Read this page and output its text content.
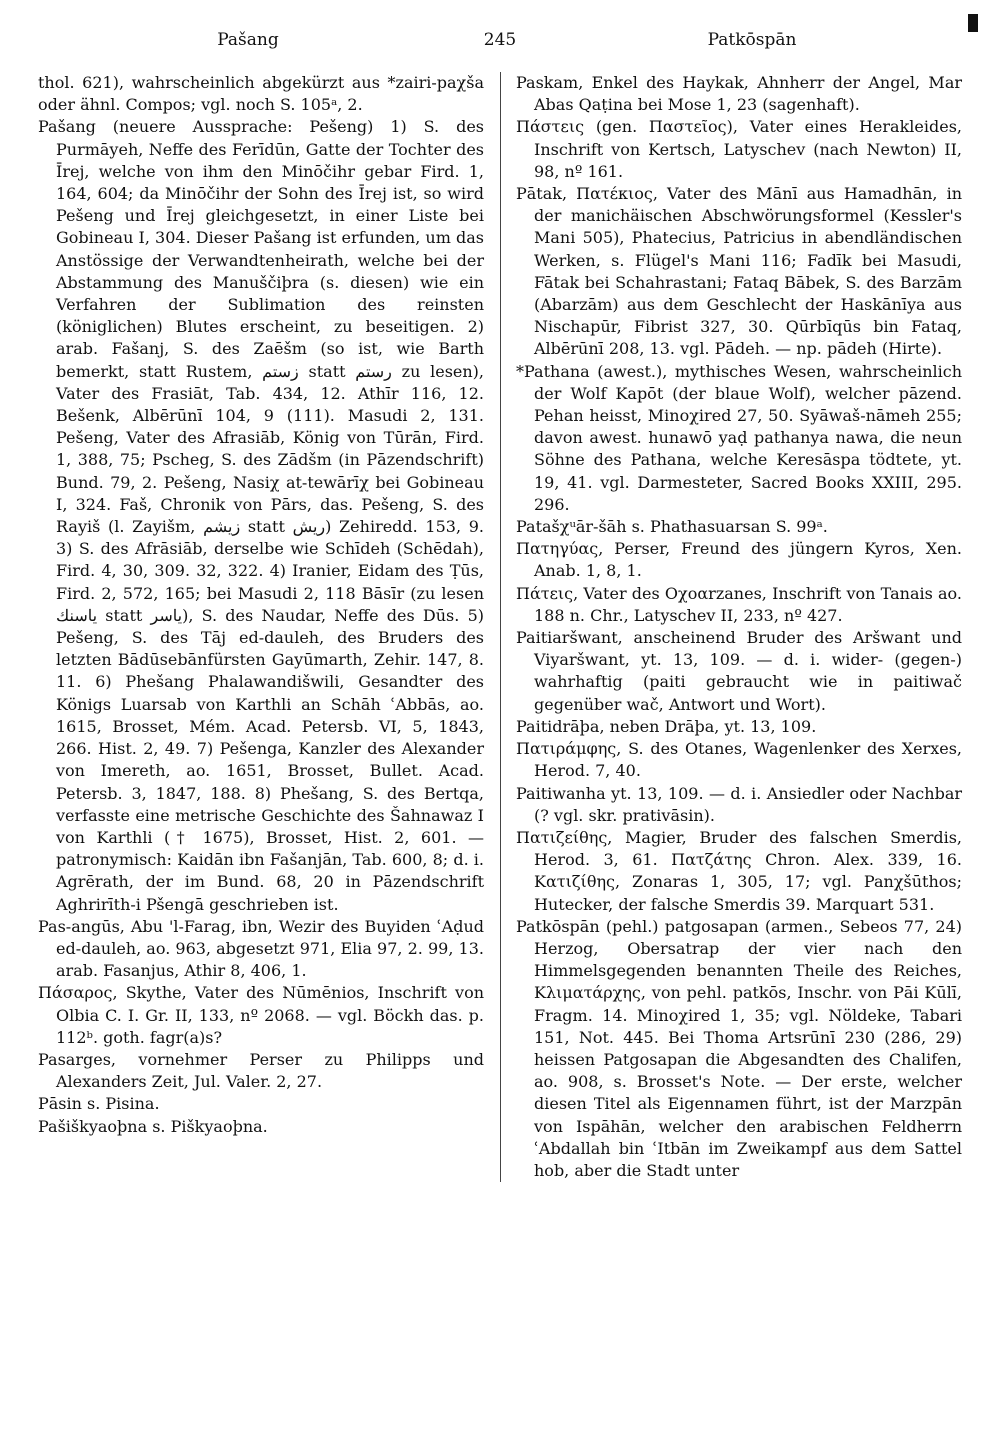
Pašang	245	Patkōspān

thol. 621), wahrscheinlich abgekürzt aus *zairi-paχša oder ähnl. Compos; vgl. noch S. 105ᵃ, 2.

Pašang (neuere Aussprache: Pešeng) 1) S. des Purmāyeh, Neffe des Ferīdūn, Gatte der Tochter des Īrej, welche von ihm den Minōčihr gebar Fird. 1, 164, 604; da Minōčihr der Sohn des Īrej ist, so wird Pešeng und Īrej gleichgesetzt, in einer Liste bei Gobineau I, 304. Dieser Pašang ist erfunden, um das Anstössige der Verwandtenheirath, welche bei der Abstammung des Manuščiþra (s. diesen) wie ein Verfahren der Sublimation des reinsten (königlichen) Blutes erscheint, zu beseitigen. 2) arab. Fašanj, S. des Zaēšm (so ist, wie Barth bemerkt, statt Rustem, زستم statt رستم zu lesen), Vater des Frasiāt, Tab. 434, 12. Athīr 116, 12. Bešenk, Albērūnī 104, 9 (111). Masudi 2, 131. Pešeng, Vater des Afrasiāb, König von Tūrān, Fird. 1, 388, 75; Pscheg, S. des Zādšm (in Pāzendschrift) Bund. 79, 2. Pešeng, Nasiχ at-tewārīχ bei Gobineau I, 324. Faš, Chronik von Pārs, das. Pešeng, S. des Rayiš (l. Zayišm, زيشم statt ريش) Zehiredd. 153, 9. 3) S. des Afrāsiāb, derselbe wie Schīdeh (Schēdah), Fird. 4, 30, 309. 32, 322. 4) Iranier, Eidam des Ṭūs, Fird. 2, 572, 165; bei Masudi 2, 118 Bāsīr (zu lesen ياسنك statt ياسر), S. des Naudar, Neffe des Dūs. 5) Pešeng, S. des Tāj ed-dauleh, des Bruders des letzten Bādūsebānfürsten Gayūmarth, Zehir. 147, 8. 11. 6) Phešang Phalawandišwili, Gesandter des Königs Luarsab von Karthli an Schāh ʿAbbās, ao. 1615, Brosset, Mém. Acad. Petersb. VI, 5, 1843, 266. Hist. 2, 49. 7) Pešenga, Kanzler des Alexander von Imereth, ao. 1651, Brosset, Bullet. Acad. Petersb. 3, 1847, 188. 8) Phešang, S. des Bertqa, verfasste eine metrische Geschichte des Šahnawaz I von Karthli († 1675), Brosset, Hist. 2, 601. — patronymisch: Kaidān ibn Fašanjān, Tab. 600, 8; d. i. Agrērath, der im Bund. 68, 20 in Pāzendschrift Aghrirīth-i Pšengā geschrieben ist.

Pas-angūs, Abu 'l-Farag, ibn, Wezir des Buyiden ʿAḍud ed-dauleh, ao. 963, abgesetzt 971, Elia 97, 2. 99, 13. arab. Fasanjus, Athir 8, 406, 1.

Πάσαρος, Skythe, Vater des Nūmēnios, Inschrift von Olbia C. I. Gr. II, 133, nº 2068. — vgl. Böckh das. p. 112ᵇ. goth. fagr(a)s?

Pasarges, vornehmer Perser zu Philipps und Alexanders Zeit, Jul. Valer. 2, 27.

Pāsin s. Pisina.

Pašiškyaoþna s. Piškyaoþna.

Paskam, Enkel des Haykak, Ahnherr der Angel, Mar Abas Qaṭina bei Mose 1, 23 (sagenhaft).

Πάστεις (gen. Παστεῖος), Vater eines Herakleides, Inschrift von Kertsch, Latyschev (nach Newton) II, 98, nº 161.

Pātak, Πατέκιος, Vater des Mānī aus Hamadhān, in der manichäischen Abschwörungsformel (Kessler's Mani 505), Phatecius, Patricius in abendländischen Werken, s. Flügel's Mani 116; Fadīk bei Masudi, Fātak bei Schahrastani; Fataq Bābek, S. des Barzām (Abarzām) aus dem Geschlecht der Haskānīya aus Nischapūr, Fibrist 327, 30. Qūrbīqūs bin Fataq, Albērūnī 208, 13. vgl. Pādeh. — np. pādeh (Hirte).

*Pathana (awest.), mythisches Wesen, wahrscheinlich der Wolf Kapōt (der blaue Wolf), welcher pāzend. Pehan heisst, Minoχired 27, 50. Syāwaš-nāmeh 255; davon awest. hunawō yaḍ pathanya nawa, die neun Söhne des Pathana, welche Keresāspa tödtete, yt. 19, 41. vgl. Darmesteter, Sacred Books XXIII, 295. 296.

Patašχᵘār-šāh s. Phathasuarsan S. 99ᵃ.

Πατηγύας, Perser, Freund des jüngern Kyros, Xen. Anab. 1, 8, 1.

Πάτεις, Vater des Οχοαrzanes, Inschrift von Tanais ao. 188 n. Chr., Latyschev II, 233, nº 427.

Paitiaršwant, anscheinend Bruder des Aršwant und Viyaršwant, yt. 13, 109. — d. i. wider- (gegen-) wahrhaftig (paiti gebraucht wie in paitiwač gegenüber wač, Antwort und Wort).

Paitidrāþa, neben Drāþa, yt. 13, 109.

Πατιράμφης, S. des Otanes, Wagenlenker des Xerxes, Herod. 7, 40.

Paitiwanha yt. 13, 109. — d. i. Ansiedler oder Nachbar (? vgl. skr. prativāsin).

Πατιζείθης, Magier, Bruder des falschen Smerdis, Herod. 3, 61. Πατζάτης Chron. Alex. 339, 16. Κατιζίθης, Zonaras 1, 305, 17; vgl. Panχšūthos; Hutecker, der falsche Smerdis 39. Marquart 531.

Patkōspān (pehl.) patgosapan (armen., Sebeos 77, 24) Herzog, Obersatrap der vier nach den Himmelsgegenden benannten Theile des Reiches, Κλιματάρχης, von pehl. patkōs, Inschr. von Pāi Kūlī, Fragm. 14. Minoχired 1, 35; vgl. Nöldeke, Tabari 151, Not. 445. Bei Thoma Artsrūnī 230 (286, 29) heissen Patgosapan die Abgesandten des Chalifen, ao. 908, s. Brosset's Note. — Der erste, welcher diesen Titel als Eigennamen führt, ist der Marzpān von Ispāhān, welcher den arabischen Feldherrn ʿAbdallah bin ʿItbān im Zweikampf aus dem Sattel hob, aber die Stadt unter
